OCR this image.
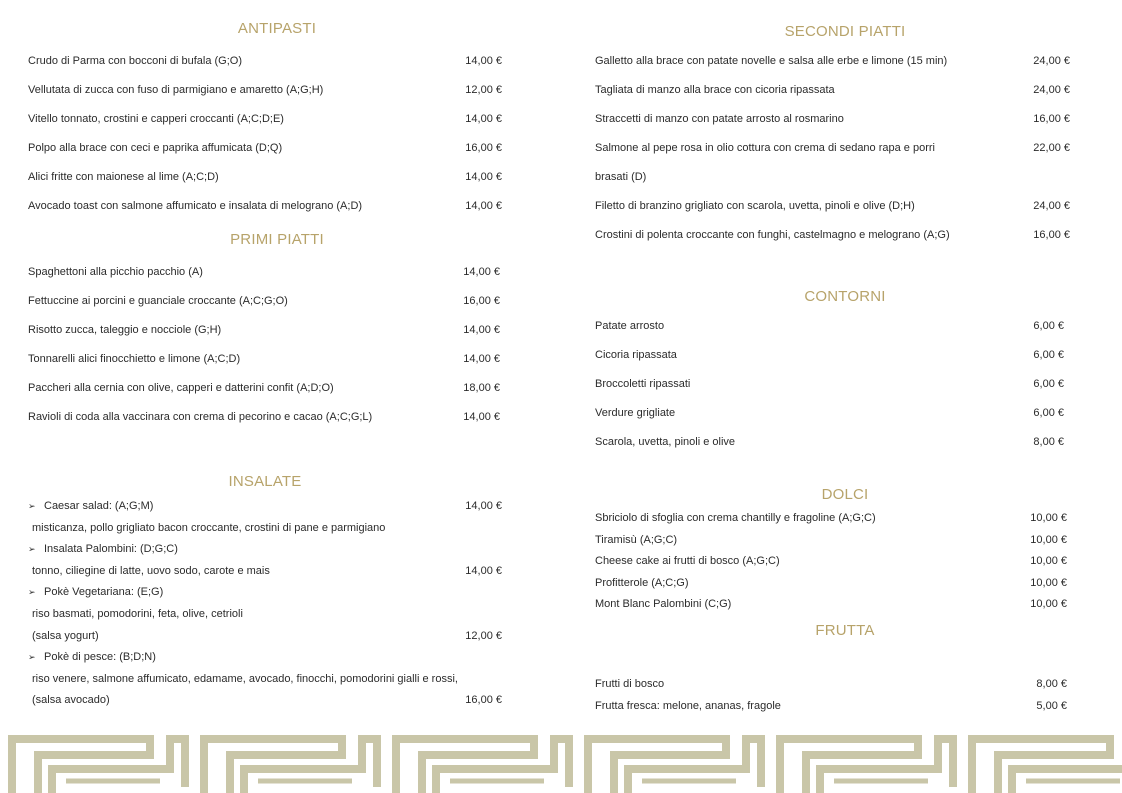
ANTIPASTI
Crudo di Parma con bocconi di bufala (G;O)	14,00 €
Vellutata di zucca con fuso di parmigiano e amaretto (A;G;H)	12,00 €
Vitello tonnato, crostini e capperi croccanti (A;C;D;E)	14,00 €
Polpo alla brace con ceci e paprika affumicata (D;Q)	16,00 €
Alici fritte con maionese al lime (A;C;D)	14,00 €
Avocado toast con salmone affumicato e insalata di melograno (A;D)	14,00 €
PRIMI PIATTI
Spaghettoni alla picchio pacchio (A)	14,00 €
Fettuccine ai porcini e guanciale croccante (A;C;G;O)	16,00 €
Risotto zucca, taleggio e nocciole (G;H)	14,00 €
Tonnarelli alici finocchietto e limone (A;C;D)	14,00 €
Paccheri alla cernia con olive, capperi e datterini confit (A;D;O)	18,00 €
Ravioli di coda alla vaccinara con crema di pecorino e cacao (A;C;G;L)	14,00 €
INSALATE
➢ Caesar salad: (A;G;M)	14,00 €
misticanza, pollo grigliato bacon croccante, crostini di pane e parmigiano
➢ Insalata Palombini: (D;G;C)
tonno, ciliegine di latte, uovo sodo, carote e mais	14,00 €
➢ Pokè Vegetariana: (E;G)
riso basmati, pomodorini, feta, olive, cetrioli
(salsa yogurt)	12,00 €
➢ Pokè di pesce: (B;D;N)
riso venere, salmone affumicato, edamame, avocado, finocchi, pomodorini gialli e rossi,
(salsa avocado)	16,00 €
SECONDI PIATTI
Galletto alla brace con patate novelle e salsa alle erbe e limone (15 min)	24,00 €
Tagliata di manzo alla brace con cicoria ripassata	24,00 €
Straccetti di manzo con patate arrosto al rosmarino	16,00 €
Salmone al pepe rosa in olio cottura con crema di sedano rapa e porri	22,00 €
brasati (D)
Filetto di branzino grigliato con scarola, uvetta, pinoli e olive (D;H)	24,00 €
Crostini di polenta croccante con funghi, castelmagno e melograno (A;G)	16,00 €
CONTORNI
Patate arrosto	6,00 €
Cicoria ripassata	6,00 €
Broccoletti ripassati	6,00 €
Verdure grigliate	6,00 €
Scarola, uvetta, pinoli e olive	8,00 €
DOLCI
Sbriciolo di sfoglia con crema chantilly e fragoline (A;G;C)	10,00 €
Tiramisù (A;G;C)	10,00 €
Cheese cake ai frutti di bosco (A;G;C)	10,00 €
Profitterole (A;C;G)	10,00 €
Mont Blanc Palombini (C;G)	10,00 €
FRUTTA
Frutti di bosco	8,00 €
Frutta fresca: melone, ananas, fragole	5,00 €
